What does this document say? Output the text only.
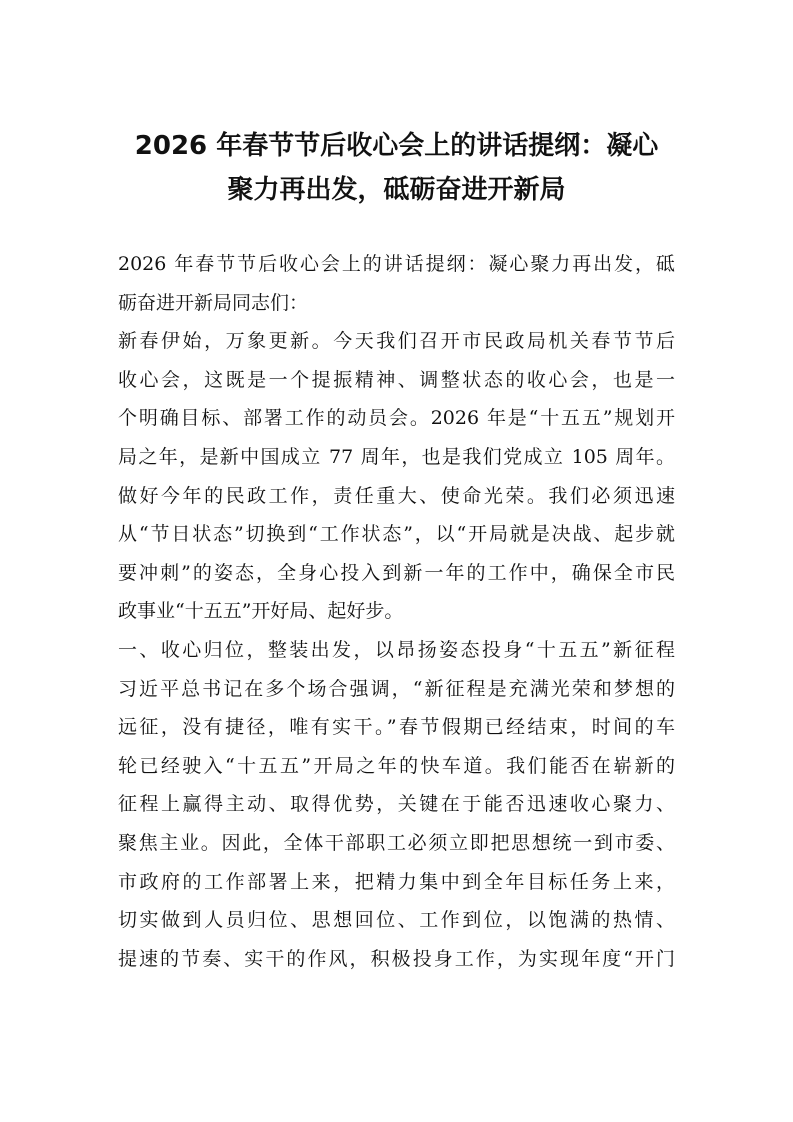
2026 年春节节后收心会上的讲话提纲：凝心
聚力再出发，砥砺奋进开新局
2026 年春节节后收心会上的讲话提纲：凝心聚力再出发，砥
砺奋进开新局同志们：
新春伊始，万象更新。今天我们召开市民政局机关春节节后
收心会，这既是一个提振精神、调整状态的收心会，也是一
个明确目标、部署工作的动员会。2026 年是“十五五”规划开
局之年，是新中国成立 77 周年，也是我们党成立 105 周年。
做好今年的民政工作，责任重大、使命光荣。我们必须迅速
从“节日状态”切换到“工作状态”，以“开局就是决战、起步就
要冲刺”的姿态，全身心投入到新一年的工作中，确保全市民
政事业“十五五”开好局、起好步。
一、收心归位，整装出发，以昂扬姿态投身“十五五”新征程
习近平总书记在多个场合强调，“新征程是充满光荣和梦想的
远征，没有捷径，唯有实干。”春节假期已经结束，时间的车
轮已经驶入“十五五”开局之年的快车道。我们能否在崭新的
征程上赢得主动、取得优势，关键在于能否迅速收心聚力、
聚焦主业。因此，全体干部职工必须立即把思想统一到市委、
市政府的工作部署上来，把精力集中到全年目标任务上来，
切实做到人员归位、思想回位、工作到位，以饱满的热情、
提速的节奏、实干的作风，积极投身工作，为实现年度“开门
